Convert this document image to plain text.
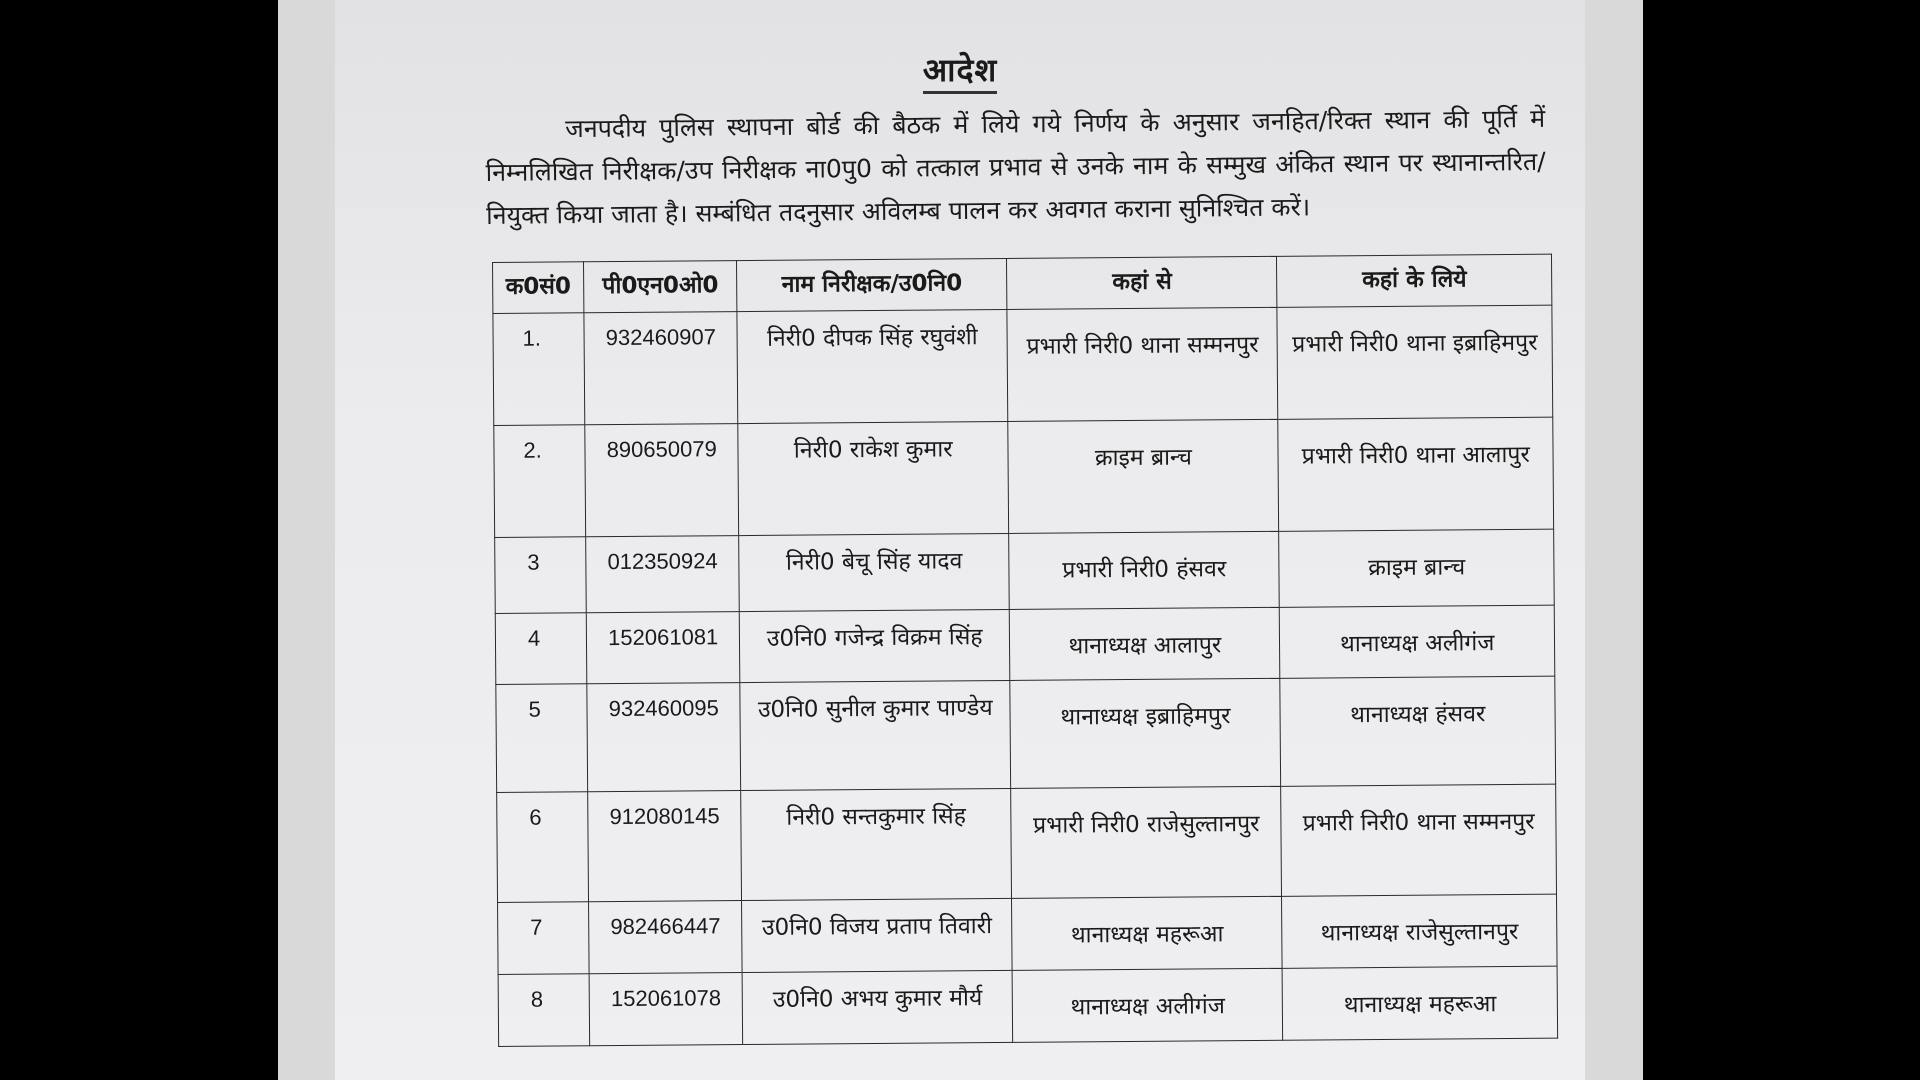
आदेश
जनपदीय पुलिस स्थापना बोर्ड की बैठक में लिये गये निर्णय के अनुसार जनहित/रिक्त स्थान की पूर्ति में निम्नलिखित निरीक्षक/उप निरीक्षक ना0पु0 को तत्काल प्रभाव से उनके नाम के सम्मुख अंकित स्थान पर स्थानान्तरित/नियुक्त किया जाता है। सम्बंधित तदनुसार अविलम्ब पालन कर अवगत कराना सुनिश्चित करें।
क0सं0	पी0एन0ओ0	नाम निरीक्षक/उ0नि0	कहां से	कहां के लिये
1.	932460907	निरी0 दीपक सिंह रघुवंशी	प्रभारी निरी0 थाना सम्मनपुर	प्रभारी निरी0 थाना इब्राहिमपुर
2.	890650079	निरी0 राकेश कुमार	क्राइम ब्रान्च	प्रभारी निरी0 थाना आलापुर
3	012350924	निरी0 बेचू सिंह यादव	प्रभारी निरी0 हंसवर	क्राइम ब्रान्च
4	152061081	उ0नि0 गजेन्द्र विक्रम सिंह	थानाध्यक्ष आलापुर	थानाध्यक्ष अलीगंज
5	932460095	उ0नि0 सुनील कुमार पाण्डेय	थानाध्यक्ष इब्राहिमपुर	थानाध्यक्ष हंसवर
6	912080145	निरी0 सन्तकुमार सिंह	प्रभारी निरी0 राजेसुल्तानपुर	प्रभारी निरी0 थाना सम्मनपुर
7	982466447	उ0नि0 विजय प्रताप तिवारी	थानाध्यक्ष महरूआ	थानाध्यक्ष राजेसुल्तानपुर
8	152061078	उ0नि0 अभय कुमार मौर्य	थानाध्यक्ष अलीगंज	थानाध्यक्ष महरूआ
